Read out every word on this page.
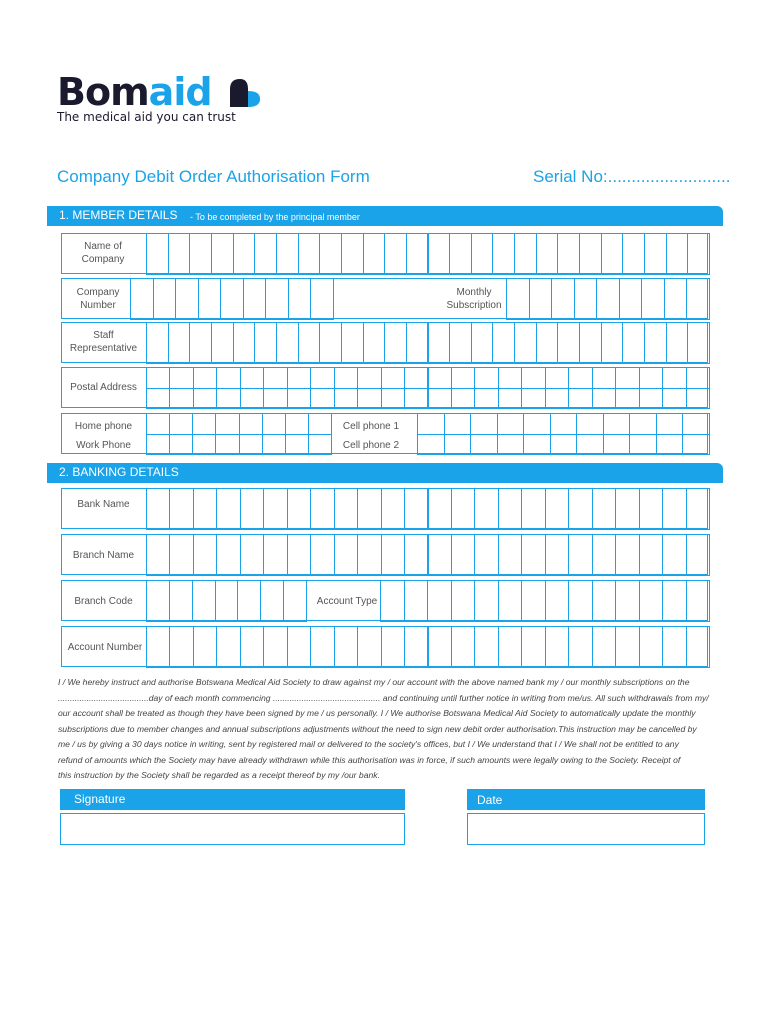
Bomaid
The medical aid you can trust
Company Debit Order Authorisation Form	Serial No:..........................
1. MEMBER DETAILS - To be completed by the principal member
Name of Company
Company Number
Monthly Subscription
Staff Representative
Postal Address
Home phone
Work Phone
Cell phone 1
Cell phone 2
2. BANKING DETAILS
Bank Name
Branch Name
Branch Code	Account Type
Account Number
I / We hereby instruct and authorise Botswana Medical Aid Society to draw against my / our account with the above named bank my / our monthly subscriptions on the
......................................day of each month commencing ............................................. and continuing until further notice in writing from me/us. All such withdrawals from my/
our account shall be treated as though they have been signed by me / us personally. I / We authorise Botswana Medical Aid Society to automatically update the monthly
subscriptions due to member changes and annual subscriptions adjustments without the need to sign new debit order authorisation.This instruction may be cancelled by
me / us by giving a 30 days notice in writing, sent by registered mail or delivered to the society's offices, but I / We understand that I / We shall not be entitled to any
refund of amounts which the Society may have already withdrawn while this authorisation was in force, if such amounts were legally owing to the Society. Receipt of
this instruction by the Society shall be regarded as a receipt thereof by my /our bank.
Signature	Date
